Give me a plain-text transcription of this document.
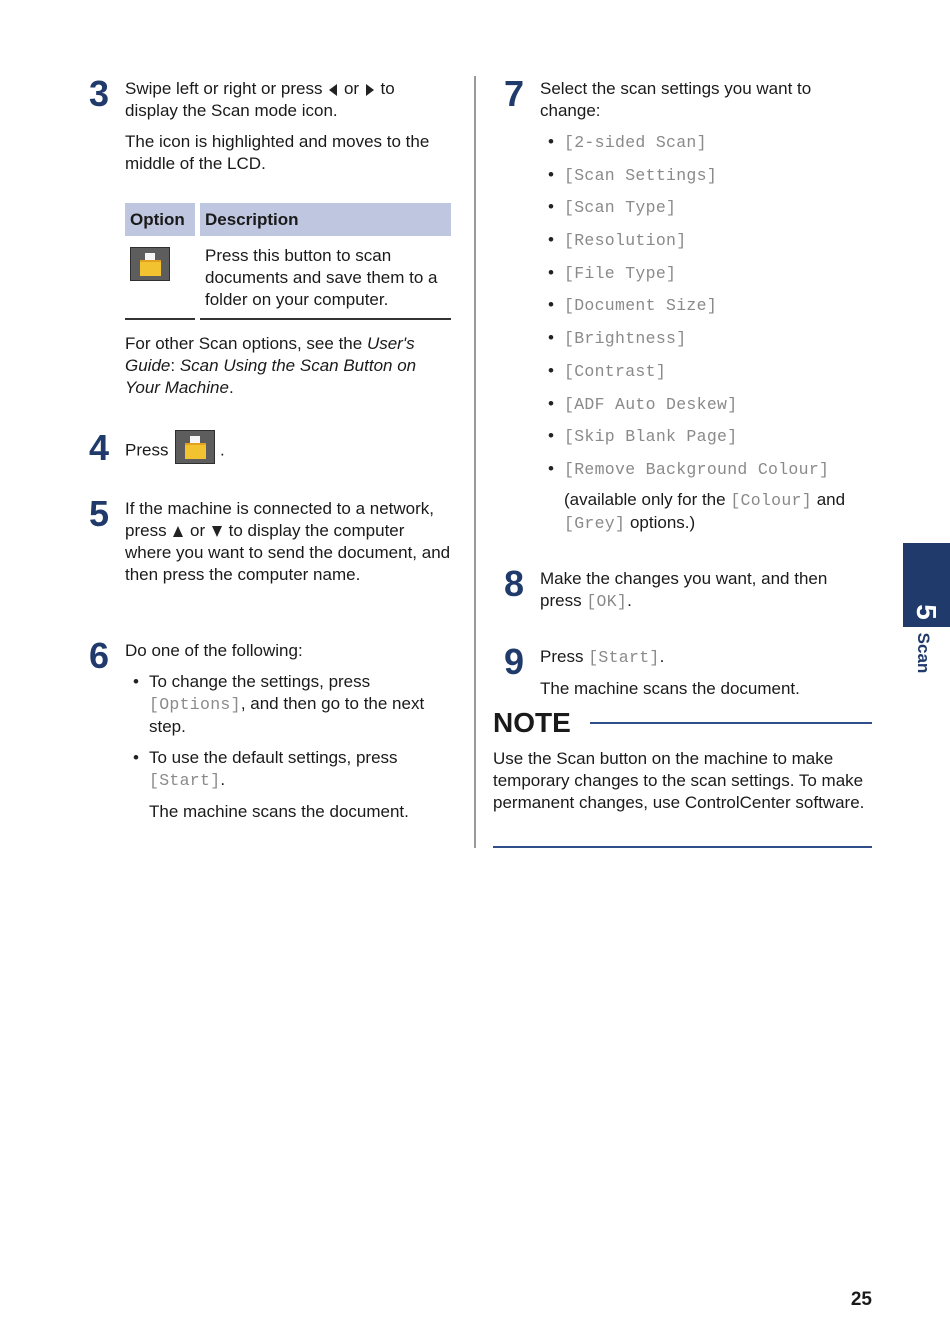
3 Swipe left or right or press or to
display the Scan mode icon.

The icon is highlighted and moves to the middle of the LCD.

Option	Description
Press this button to scan documents and save them to a folder on your computer.

For other Scan options, see the User's Guide: Scan Using the Scan Button on Your Machine.

4 Press	.
5 If the machine is connected to a network, press or to display the computer where you want to send the document, and then press the computer name.

6 Do one of the following:

• To change the settings, press
[Options], and then go to the next step.
• To use the default settings, press
[Start].

The machine scans the document.

7 Select the scan settings you want to change:

• [2-sided Scan]
• [Scan Settings]
• [Scan Type]
• [Resolution]
• [File Type]
• [Document Size]
• [Brightness]
• [Contrast]
• [ADF Auto Deskew]
• [Skip Blank Page]
• [Remove Background Colour]

(available only for the [Colour] and
[Grey] options.)

8 Make the changes you want, and then press [OK].

9 Press [Start].

The machine scans the document.

NOTE
Use the Scan button on the machine to make temporary changes to the scan settings. To make permanent changes, use ControlCenter software.
5
Scan
25
